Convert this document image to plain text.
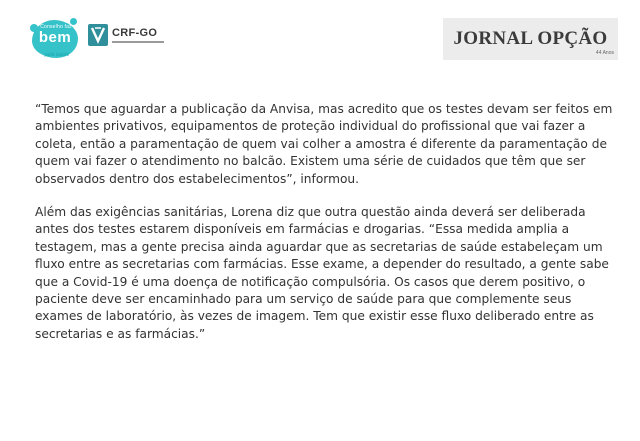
Conselho faz
bem
pela saúde
CRF-GO	JORNAL OPÇÃO
44 Anos

“Temos que aguardar a publicação da Anvisa, mas acredito que os testes devam ser feitos em ambientes privativos, equipamentos de proteção individual do profissional que vai fazer a coleta, então a paramentação de quem vai colher a amostra é diferente da paramentação de quem vai fazer o atendimento no balcão. Existem uma série de cuidados que têm que ser observados dentro dos estabelecimentos”, informou.

Além das exigências sanitárias, Lorena diz que outra questão ainda deverá ser deliberada antes dos testes estarem disponíveis em farmácias e drogarias. “Essa medida amplia a testagem, mas a gente precisa ainda aguardar que as secretarias de saúde estabeleçam um fluxo entre as secretarias com farmácias. Esse exame, a depender do resultado, a gente sabe que a Covid-19 é uma doença de notificação compulsória. Os casos que derem positivo, o paciente deve ser encaminhado para um serviço de saúde para que complemente seus exames de laboratório, às vezes de imagem. Tem que existir esse fluxo deliberado entre as secretarias e as farmácias.”
